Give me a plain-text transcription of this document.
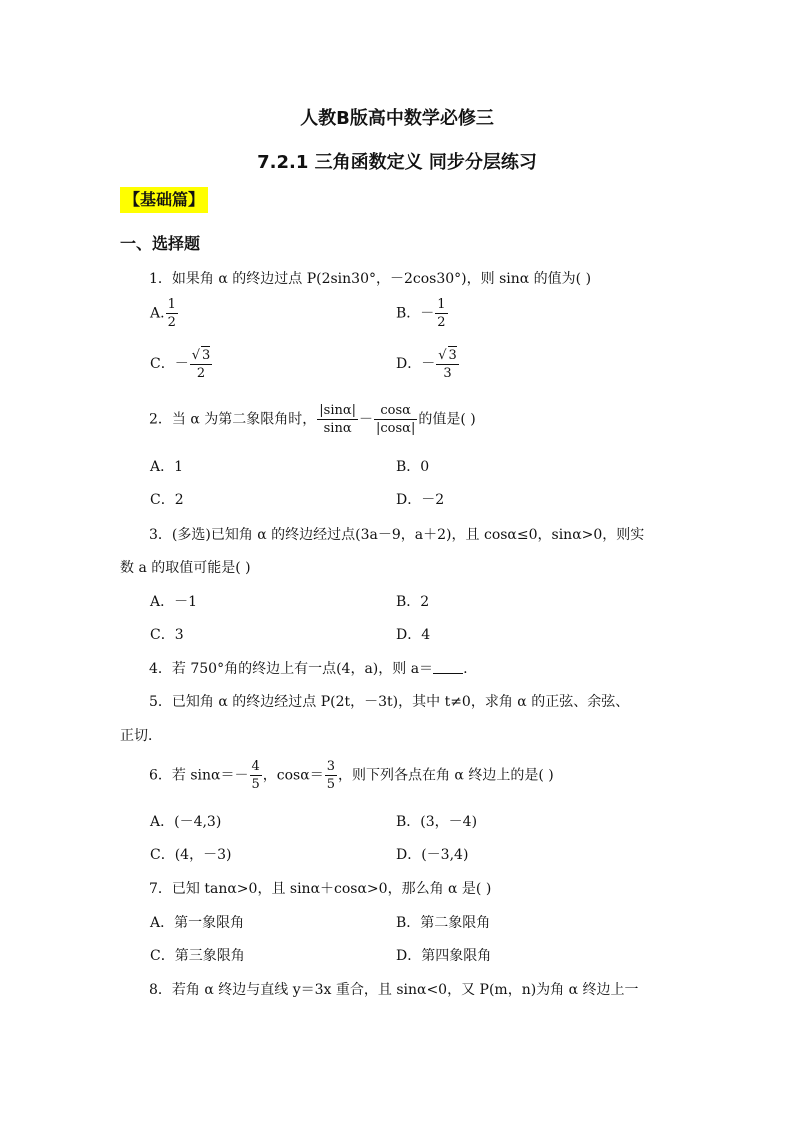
人教B版高中数学必修三
7.2.1 三角函数定义 同步分层练习
【基础篇】
一、选择题
1．如果角 α 的终边过点 P(2sin30°，－2cos30°)，则 sinα 的值为( )
A. $\frac{1}{2}$	B．－ $\frac{1}{2}$
C．－ $\frac{√ 3}{2}$	D．－ $\frac{√ 3}{3}$
2．当 α 为第二象限角时， $\frac{|\sin\alpha|}{\sin\alpha} - \frac{\cos\alpha}{|\cos\alpha|}$ 的值是( )
A．1	B．0
C．2	D．－2
3．(多选)已知角 α 的终边经过点(3a－9，a＋2)，且 cosα≤0，sinα>0，则实
数 a 的取值可能是( )
A．－1	B．2
C．3	D．4
4．若 750°角的终边上有一点(4，a)，则 a＝ .
5．已知角 α 的终边经过点 P(2t，－3t)，其中 t≠0，求角 α 的正弦、余弦、
正切．
6．若 $\sin\alpha=- \frac{4}{5}$ ，$\cos\alpha= \frac{3}{5}$ ，则下列各点在角 α 终边上的是( )
A．(－4,3)	B．(3，－4)
C．(4，－3)	D．(－3,4)
7．已知 tanα>0，且 sinα＋cosα>0，那么角 α 是( )
A．第一象限角	B．第二象限角
C．第三象限角	D．第四象限角
8．若角 α 终边与直线 y＝3x 重合，且 sinα<0，又 P(m，n)为角 α 终边上一
